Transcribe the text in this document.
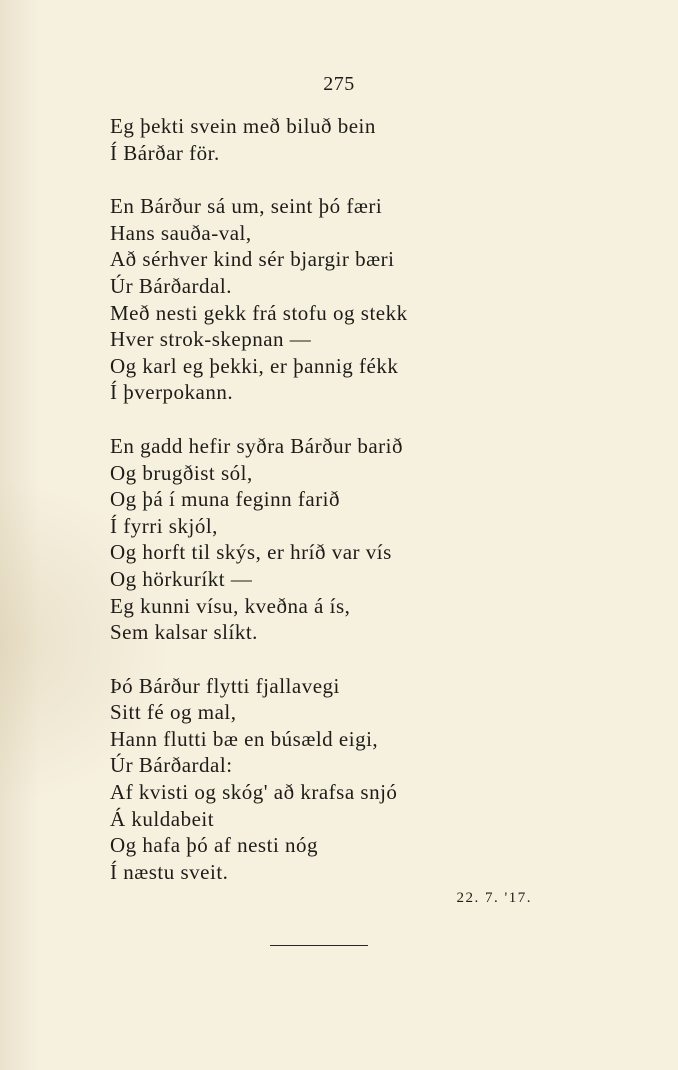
275
Eg þekti svein með biluð bein
Í Bárðar för.
En Bárður sá um, seint þó færi
Hans sauða-val,
Að sérhver kind sér bjargir bæri
Úr Bárðardal.
Með nesti gekk frá stofu og stekk
Hver strok-skepnan —
Og karl eg þekki, er þannig fékk
Í þverpokann.
En gadd hefir syðra Bárður barið
Og brugðist sól,
Og þá í muna feginn farið
Í fyrri skjól,
Og horft til skýs, er hríð var vís
Og hörkuríkt —
Eg kunni vísu, kveðna á ís,
Sem kalsar slíkt.
Þó Bárður flytti fjallavegi
Sitt fé og mal,
Hann flutti bæ en búsæld eigi,
Úr Bárðardal:
Af kvisti og skóg' að krafsa snjó
Á kuldabeit
Og hafa þó af nesti nóg
Í næstu sveit.
22. 7. '17.
